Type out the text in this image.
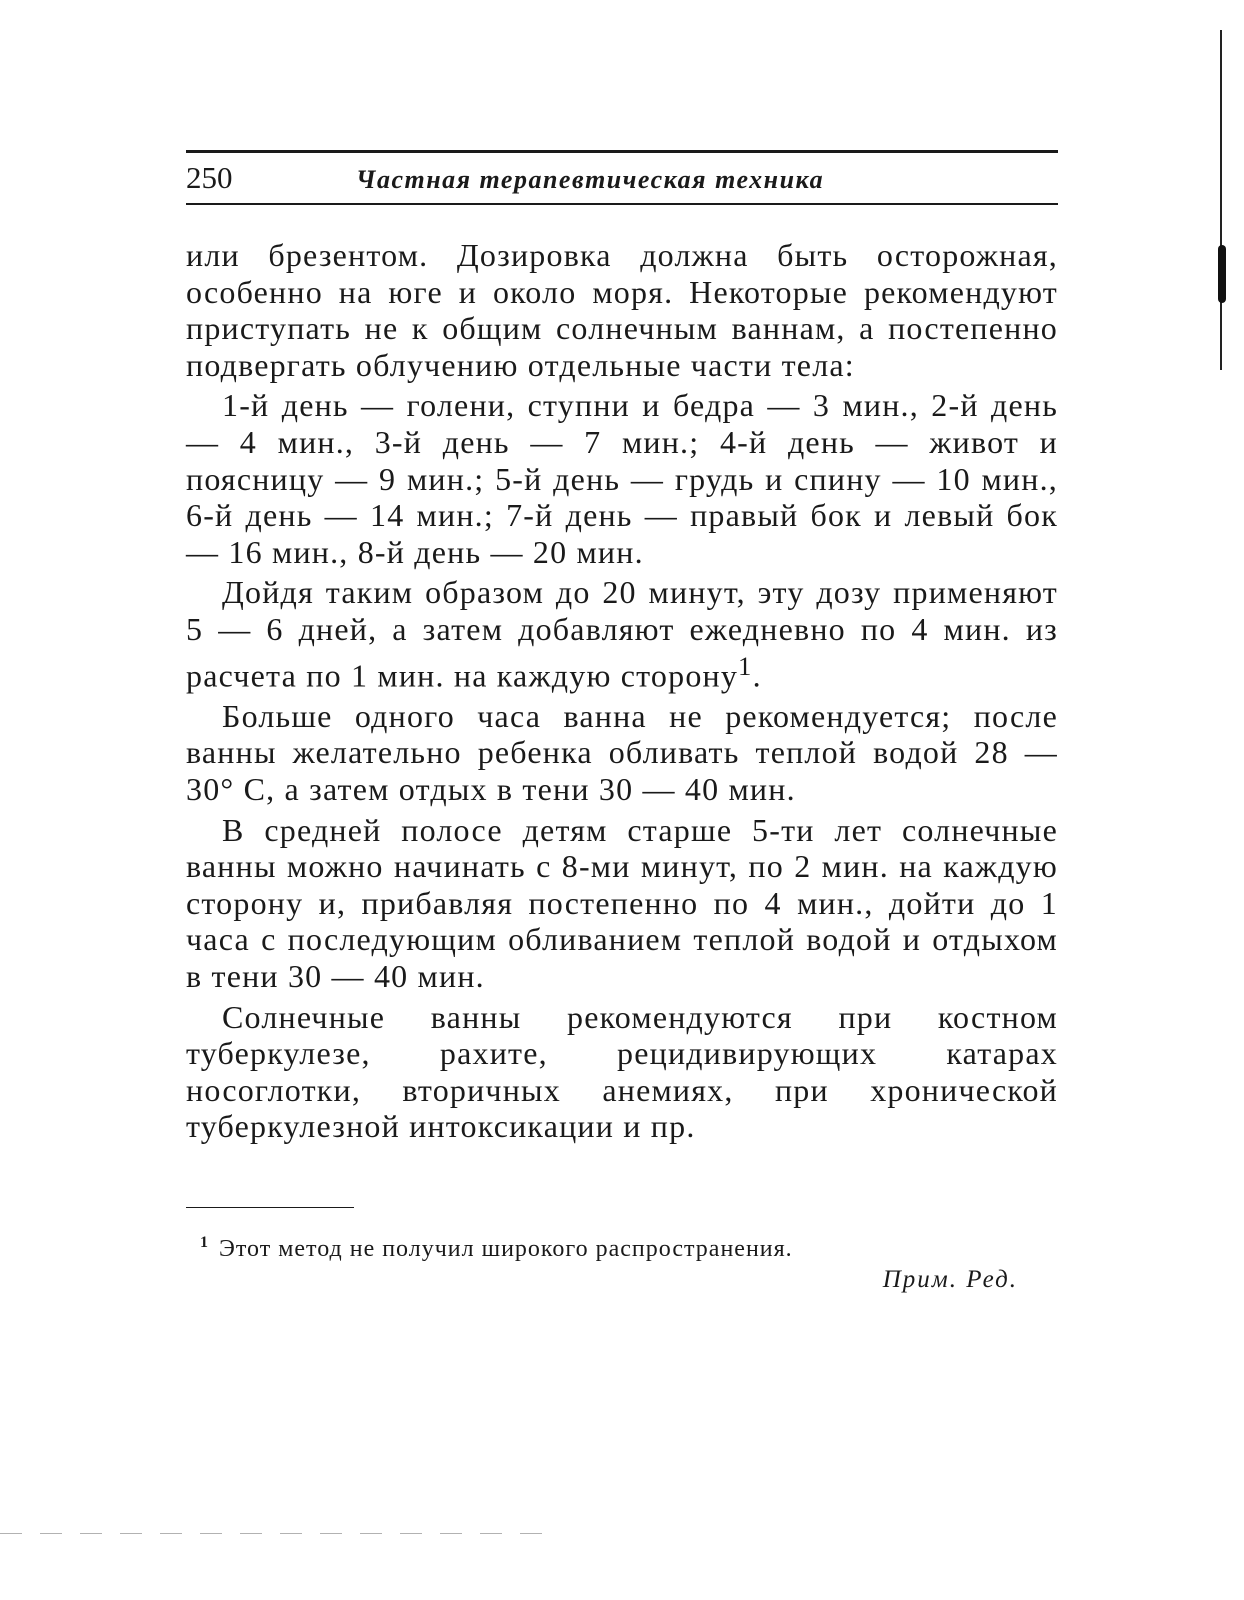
250	Частная терапевтическая техника

или брезентом. Дозировка должна быть осторожная, особенно на юге и около моря. Некоторые рекомендуют приступать не к общим солнечным ваннам, а постепенно подвергать облучению отдельные части тела:

1-й день — голени, ступни и бедра — 3 мин., 2-й день — 4 мин., 3-й день — 7 мин.; 4-й день — живот и поясницу — 9 мин.; 5-й день — грудь и спину — 10 мин., 6-й день — 14 мин.; 7-й день — правый бок и левый бок — 16 мин., 8-й день — 20 мин.

Дойдя таким образом до 20 минут, эту дозу применяют 5 — 6 дней, а затем добавляют ежедневно по 4 мин. из расчета по 1 мин. на каждую сторону$^1$.

Больше одного часа ванна не рекомендуется; после ванны желательно ребенка обливать теплой водой 28 — 30° С, а затем отдых в тени 30 — 40 мин.

В средней полосе детям старше 5-ти лет солнечные ванны можно начинать с 8-ми минут, по 2 мин. на каждую сторону и, прибавляя постепенно по 4 мин., дойти до 1 часа с последующим обливанием теплой водой и отдыхом в тени 30 — 40 мин.

Солнечные ванны рекомендуются при костном туберкулезе, рахите, рецидивирующих катарах носоглотки, вторичных анемиях, при хронической туберкулезной интоксикации и пр.

$^1$ Этот метод не получил широкого распространения.
Прим. Ред.
